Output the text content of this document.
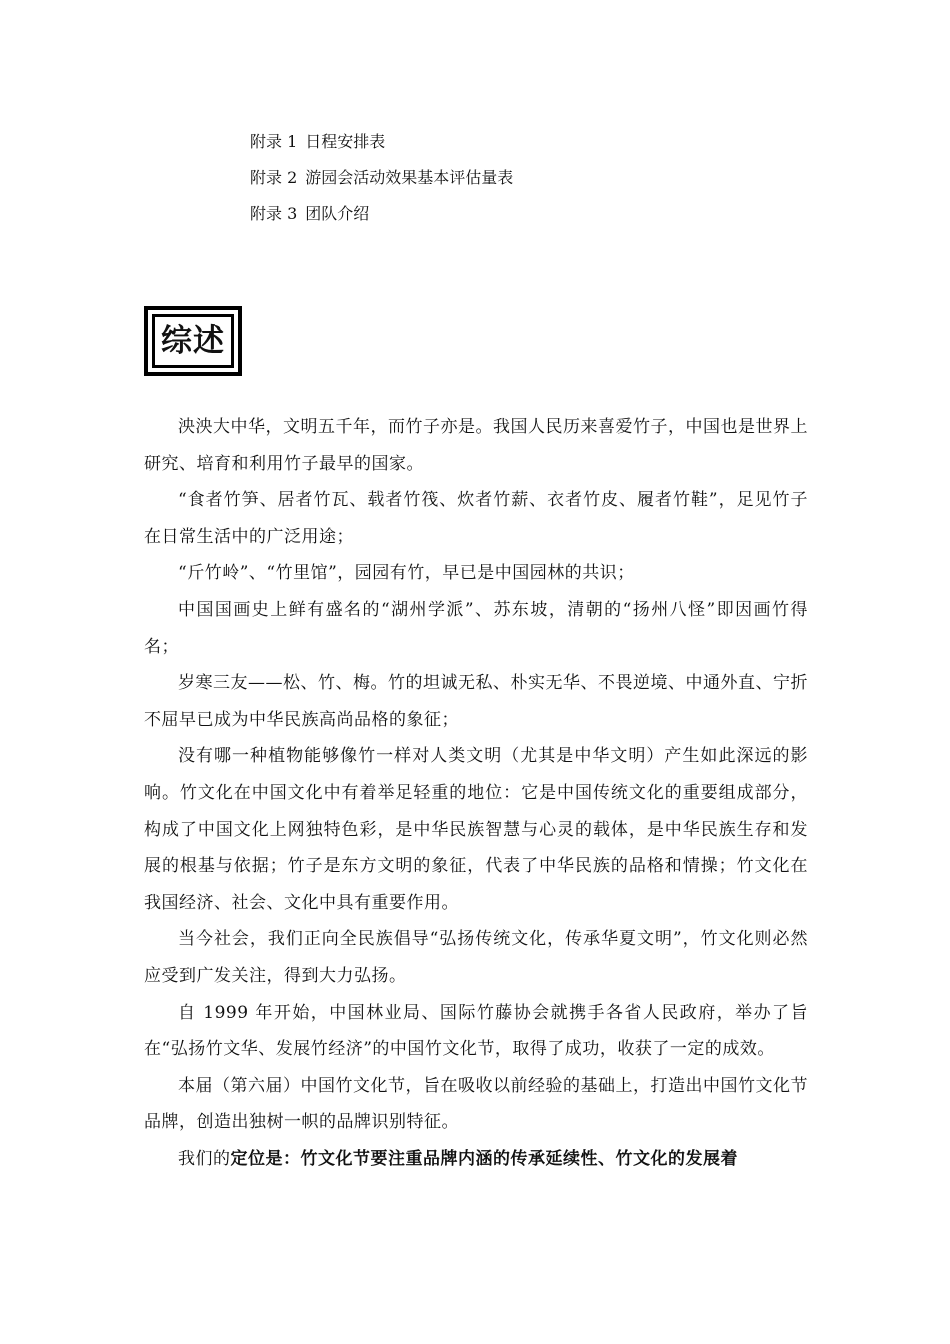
附录 1 日程安排表
附录 2 游园会活动效果基本评估量表
附录 3 团队介绍
综述

泱泱大中华，文明五千年，而竹子亦是。我国人民历来喜爱竹子，中国也是世界上研究、培育和利用竹子最早的国家。

“食者竹笋、居者竹瓦、载者竹筏、炊者竹薪、衣者竹皮、履者竹鞋”，足见竹子在日常生活中的广泛用途；

“斤竹岭”、“竹里馆”，园园有竹，早已是中国园林的共识；

中国国画史上鲜有盛名的“湖州学派”、苏东坡，清朝的“扬州八怪”即因画竹得名；

岁寒三友——松、竹、梅。竹的坦诚无私、朴实无华、不畏逆境、中通外直、宁折不屈早已成为中华民族高尚品格的象征；

没有哪一种植物能够像竹一样对人类文明（尤其是中华文明）产生如此深远的影响。竹文化在中国文化中有着举足轻重的地位：它是中国传统文化的重要组成部分，构成了中国文化上网独特色彩，是中华民族智慧与心灵的载体，是中华民族生存和发展的根基与依据；竹子是东方文明的象征，代表了中华民族的品格和情操；竹文化在我国经济、社会、文化中具有重要作用。

当今社会，我们正向全民族倡导“弘扬传统文化，传承华夏文明”，竹文化则必然应受到广发关注，得到大力弘扬。

自 1999 年开始，中国林业局、国际竹藤协会就携手各省人民政府，举办了旨在“弘扬竹文华、发展竹经济”的中国竹文化节，取得了成功，收获了一定的成效。

本届（第六届）中国竹文化节，旨在吸收以前经验的基础上，打造出中国竹文化节品牌，创造出独树一帜的品牌识别特征。

我们的定位是：竹文化节要注重品牌内涵的传承延续性、竹文化的发展着
